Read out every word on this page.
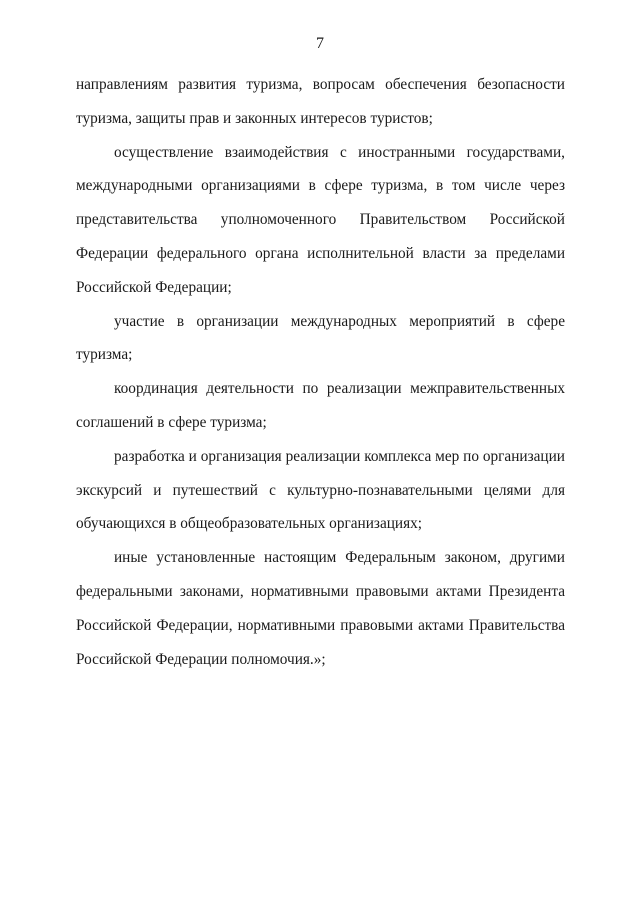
7
направлениям развития туризма, вопросам обеспечения безопасности
туризма, защиты прав и законных интересов туристов;
осуществление взаимодействия с иностранными государствами,
международными организациями в сфере туризма, в том числе через
представительства уполномоченного Правительством Российской
Федерации федерального органа исполнительной власти за пределами
Российской Федерации;
участие в организации международных мероприятий в сфере
туризма;
координация деятельности по реализации межправительственных
соглашений в сфере туризма;
разработка и организация реализации комплекса мер по организации
экскурсий и путешествий с культурно-познавательными целями для
обучающихся в общеобразовательных организациях;
иные установленные настоящим Федеральным законом, другими
федеральными законами, нормативными правовыми актами Президента
Российской Федерации, нормативными правовыми актами Правительства
Российской Федерации полномочия.»;
